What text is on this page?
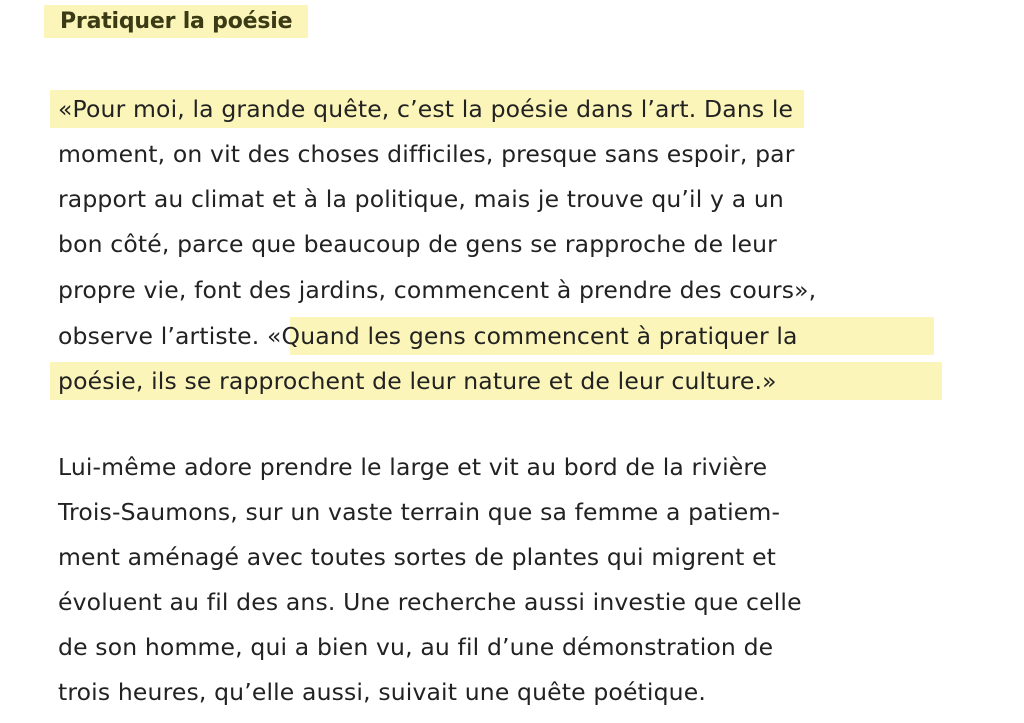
Pratiquer la poésie
«Pour moi, la grande quête, c’est la poésie dans l’art. Dans le
moment, on vit des choses difficiles, presque sans espoir, par
rapport au climat et à la politique, mais je trouve qu’il y a un
bon côté, parce que beaucoup de gens se rapproche de leur
propre vie, font des jardins, commencent à prendre des cours»,
observe l’artiste. «Quand les gens commencent à pratiquer la
poésie, ils se rapprochent de leur nature et de leur culture.»
Lui-même adore prendre le large et vit au bord de la rivière
Trois-Saumons, sur un vaste terrain que sa femme a patiem-
ment aménagé avec toutes sortes de plantes qui migrent et
évoluent au fil des ans. Une recherche aussi investie que celle
de son homme, qui a bien vu, au fil d’une démonstration de
trois heures, qu’elle aussi, suivait une quête poétique.
